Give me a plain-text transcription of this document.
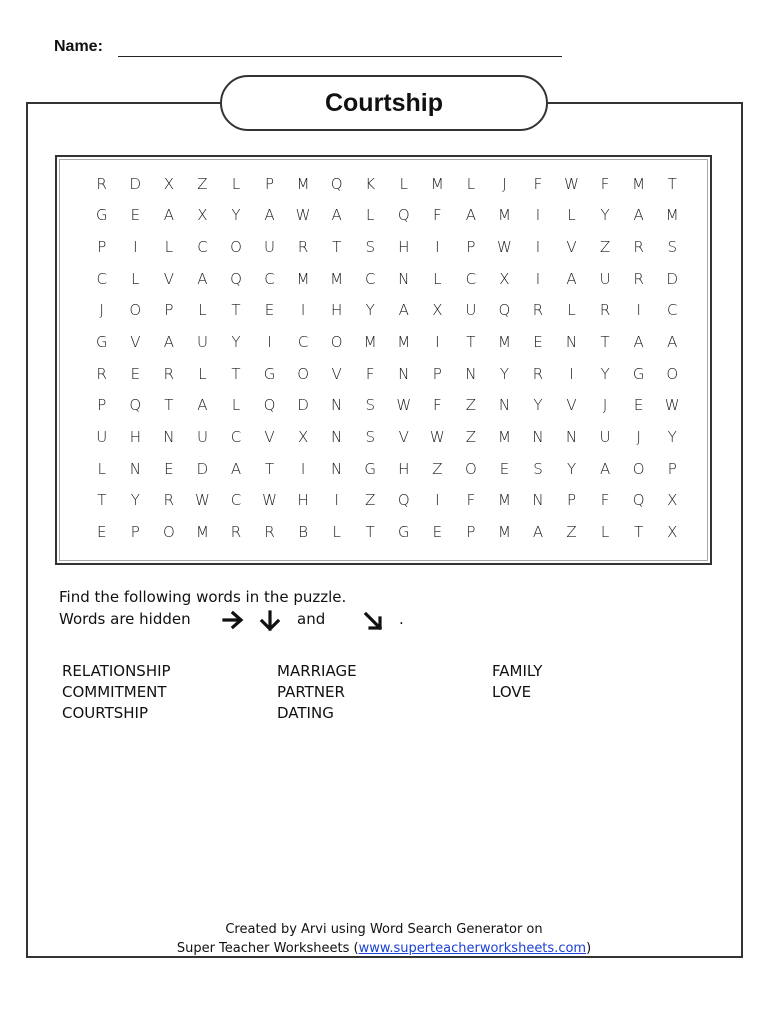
Name:
Courtship
R	D	X	Z	L	P	M	Q	K	L	M	L	J	F	W	F	M	T
G	E	A	X	Y	A	W	A	L	Q	F	A	M	I	L	Y	A	M
P	I	L	C	O	U	R	T	S	H	I	P	W	I	V	Z	R	S
C	L	V	A	Q	C	M	M	C	N	L	C	X	I	A	U	R	D
J	O	P	L	T	E	I	H	Y	A	X	U	Q	R	L	R	I	C
G	V	A	U	Y	I	C	O	M	M	I	T	M	E	N	T	A	A
R	E	R	L	T	G	O	V	F	N	P	N	Y	R	I	Y	G	O
P	Q	T	A	L	Q	D	N	S	W	F	Z	N	Y	V	J	E	W
U	H	N	U	C	V	X	N	S	V	W	Z	M	N	N	U	J	Y
L	N	E	D	A	T	I	N	G	H	Z	O	E	S	Y	A	O	P
T	Y	R	W	C	W	H	I	Z	Q	I	F	M	N	P	F	Q	X
E	P	O	M	R	R	B	L	T	G	E	P	M	A	Z	L	T	X
Find the following words in the puzzle.
Words are hidden	and	.
RELATIONSHIP	MARRIAGE	FAMILY
COMMITMENT	PARTNER	LOVE
COURTSHIP	DATING
Created by Arvi using Word Search Generator on
Super Teacher Worksheets (www.superteacherworksheets.com)
